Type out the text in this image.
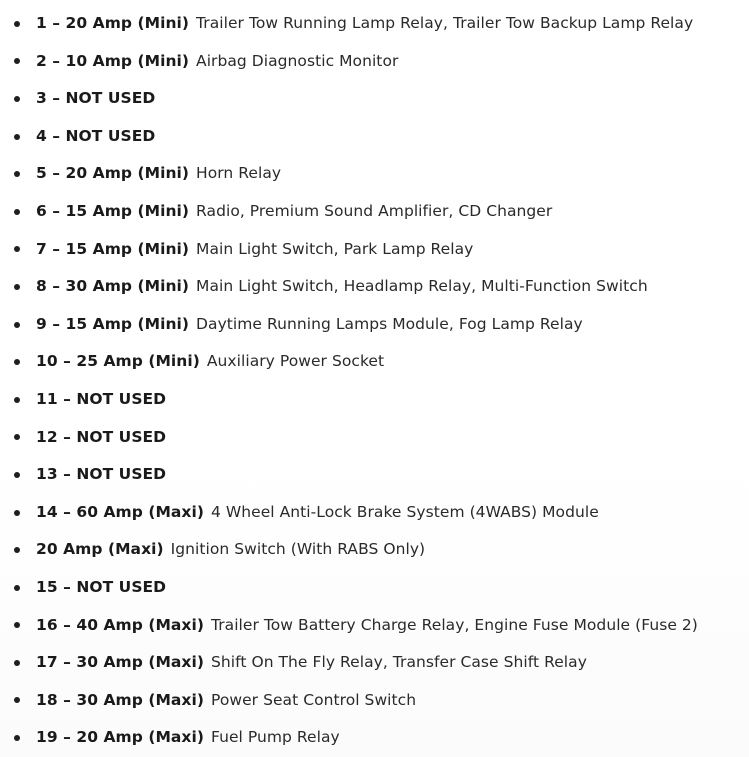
1 – 20 Amp (Mini) Trailer Tow Running Lamp Relay, Trailer Tow Backup Lamp Relay
2 – 10 Amp (Mini) Airbag Diagnostic Monitor
3 – NOT USED
4 – NOT USED
5 – 20 Amp (Mini) Horn Relay
6 – 15 Amp (Mini) Radio, Premium Sound Amplifier, CD Changer
7 – 15 Amp (Mini) Main Light Switch, Park Lamp Relay
8 – 30 Amp (Mini) Main Light Switch, Headlamp Relay, Multi-Function Switch
9 – 15 Amp (Mini) Daytime Running Lamps Module, Fog Lamp Relay
10 – 25 Amp (Mini) Auxiliary Power Socket
11 – NOT USED
12 – NOT USED
13 – NOT USED
14 – 60 Amp (Maxi) 4 Wheel Anti-Lock Brake System (4WABS) Module
20 Amp (Maxi) Ignition Switch (With RABS Only)
15 – NOT USED
16 – 40 Amp (Maxi) Trailer Tow Battery Charge Relay, Engine Fuse Module (Fuse 2)
17 – 30 Amp (Maxi) Shift On The Fly Relay, Transfer Case Shift Relay
18 – 30 Amp (Maxi) Power Seat Control Switch
19 – 20 Amp (Maxi) Fuel Pump Relay
